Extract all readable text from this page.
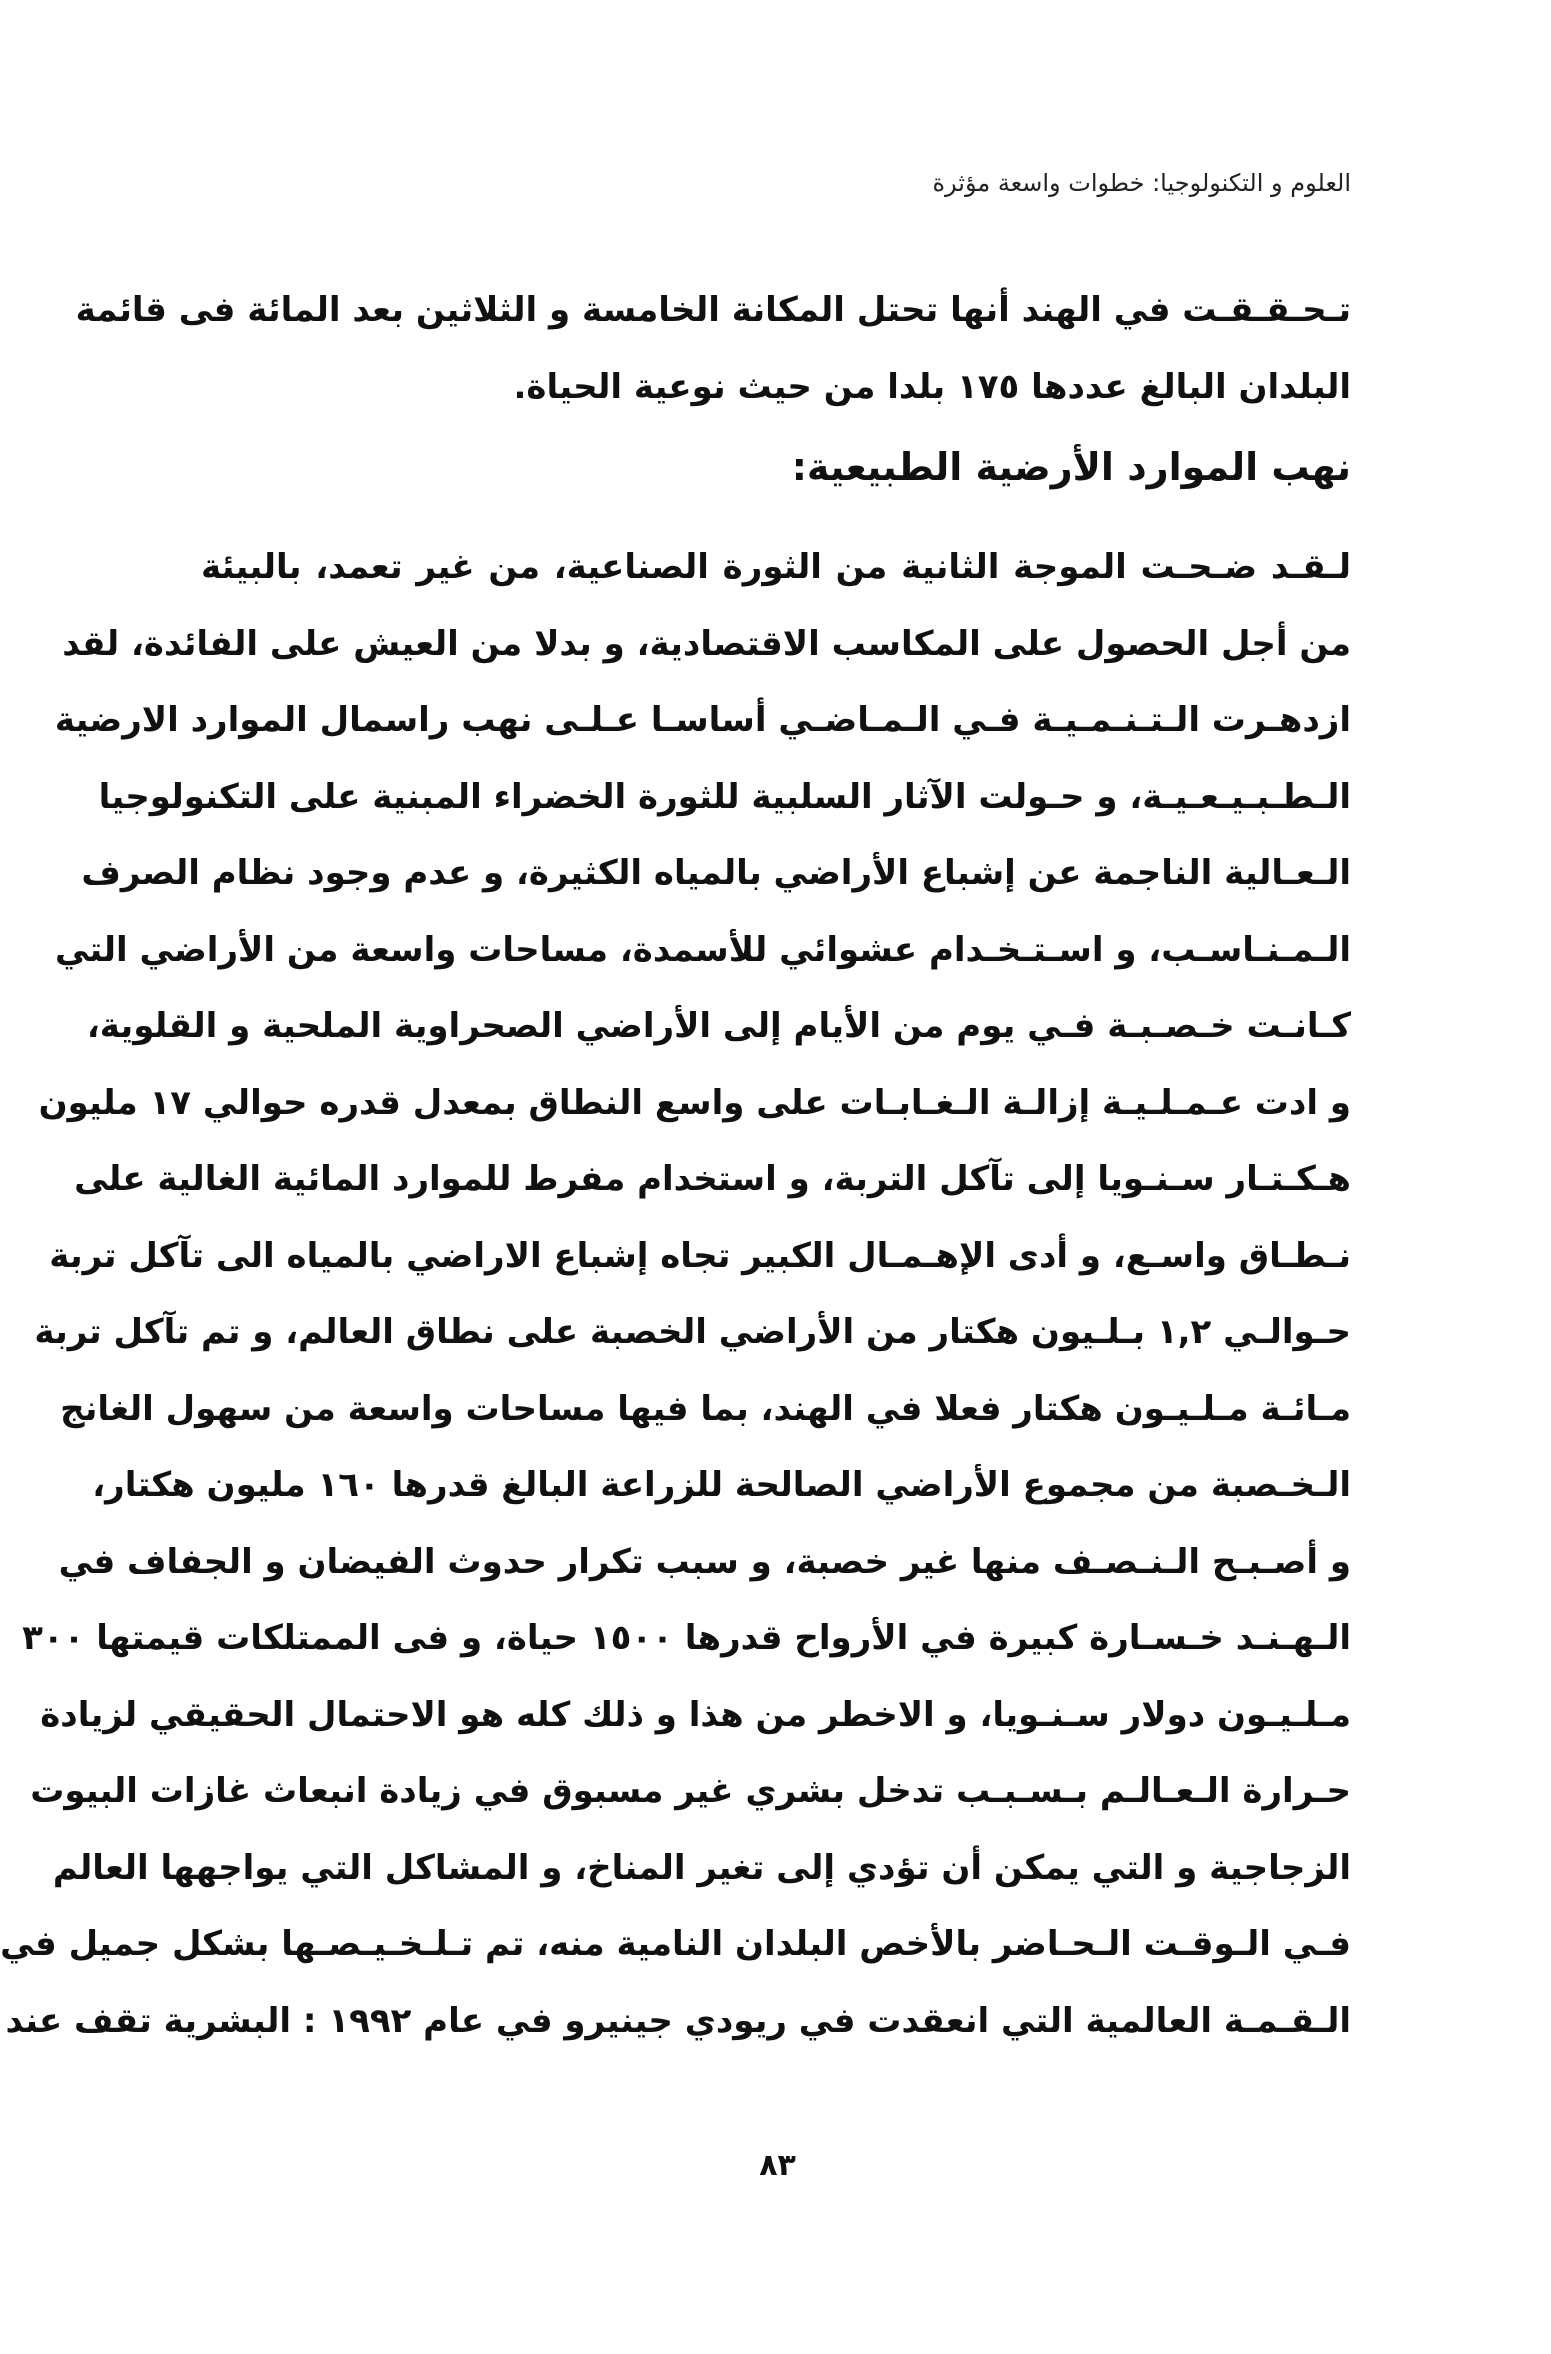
العلوم و التكنولوجيا: خطوات واسعة مؤثرة
تـحـقـقـت في الهند أنها تحتل المكانة الخامسة و الثلاثين بعد المائة فى قائمة
البلدان البالغ عددها ١٧٥ بلدا من حيث نوعية الحياة.
نهب الموارد الأرضية الطبيعية:
لـقـد ضـحـت الموجة الثانية من الثورة الصناعية، من غير تعمد، بالبيئة
من أجل الحصول على المكاسب الاقتصادية، و بدلا من العيش على الفائدة، لقد
ازدهـرت الـتـنـمـيـة فـي الـمـاضـي أساسـا عـلـى نهب راسمال الموارد الارضية
الـطـبـيـعـيـة، و حـولت الآثار السلبية للثورة الخضراء المبنية على التكنولوجيا
الـعـالية الناجمة عن إشباع الأراضي بالمياه الكثيرة، و عدم وجود نظام الصرف
الـمـنـاسـب، و اسـتـخـدام عشوائي للأسمدة، مساحات واسعة من الأراضي التي
كـانـت خـصـبـة فـي يوم من الأيام إلى الأراضي الصحراوية الملحية و القلوية،
و ادت عـمـلـيـة إزالـة الـغـابـات على واسع النطاق بمعدل قدره حوالي ١٧ مليون
هـكـتـار سـنـويا إلى تآكل التربة، و استخدام مفرط للموارد المائية الغالية على
نـطـاق واسـع، و أدى الإهـمـال الكبير تجاه إشباع الاراضي بالمياه الى تآكل تربة
حـوالـي ١,٢ بـلـيون هكتار من الأراضي الخصبة على نطاق العالم، و تم تآكل تربة
مـائـة مـلـيـون هكتار فعلا في الهند، بما فيها مساحات واسعة من سهول الغانج
الـخـصبة من مجموع الأراضي الصالحة للزراعة البالغ قدرها ١٦٠ مليون هكتار،
و أصـبـح الـنـصـف منها غير خصبة، و سبب تكرار حدوث الفيضان و الجفاف في
الـهـنـد خـسـارة كبيرة في الأرواح قدرها ١٥٠٠ حياة، و فى الممتلكات قيمتها ٣٠٠
مـلـيـون دولار سـنـويا، و الاخطر من هذا و ذلك كله هو الاحتمال الحقيقي لزيادة
حـرارة الـعـالـم بـسـبـب تدخل بشري غير مسبوق في زيادة انبعاث غازات البيوت
الزجاجية و التي يمكن أن تؤدي إلى تغير المناخ، و المشاكل التي يواجهها العالم
فـي الـوقـت الـحـاضر بالأخص البلدان النامية منه، تم تـلـخـيـصـها بشكل جميل في
الـقـمـة العالمية التي انعقدت في ريودي جينيرو في عام ١٩٩٢ : البشرية تقف عند
٨٣
